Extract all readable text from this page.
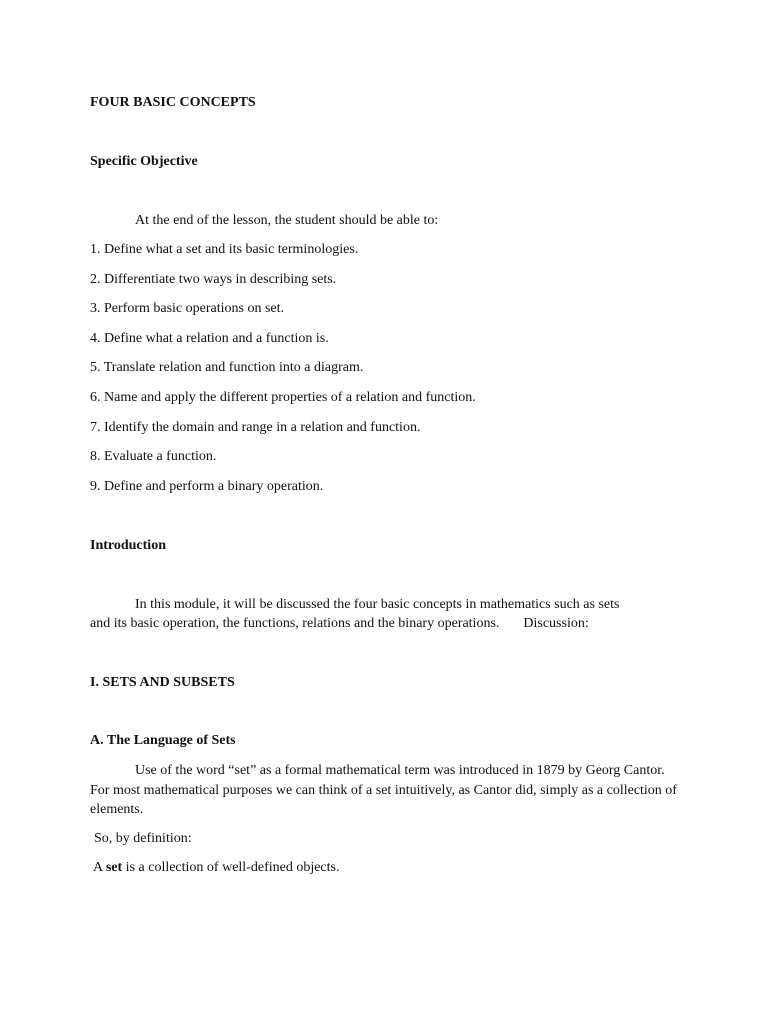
FOUR BASIC CONCEPTS

Specific Objective

At the end of the lesson, the student should be able to:

1. Define what a set and its basic terminologies.
2. Differentiate two ways in describing sets.
3. Perform basic operations on set.
4. Define what a relation and a function is.
5. Translate relation and function into a diagram.
6. Name and apply the different properties of a relation and function.
7. Identify the domain and range in a relation and function.
8. Evaluate a function.
9. Define and perform a binary operation.

Introduction

In this module, it will be discussed the four basic concepts in mathematics such as sets

and its basic operation, the functions, relations and the binary operations. Discussion:

I. SETS AND SUBSETS

A. The Language of Sets

Use of the word “set” as a formal mathematical term was introduced in 1879 by Georg Cantor. For most mathematical purposes we can think of a set intuitively, as Cantor did, simply as a collection of elements.

So, by definition:

A set is a collection of well-defined objects.
